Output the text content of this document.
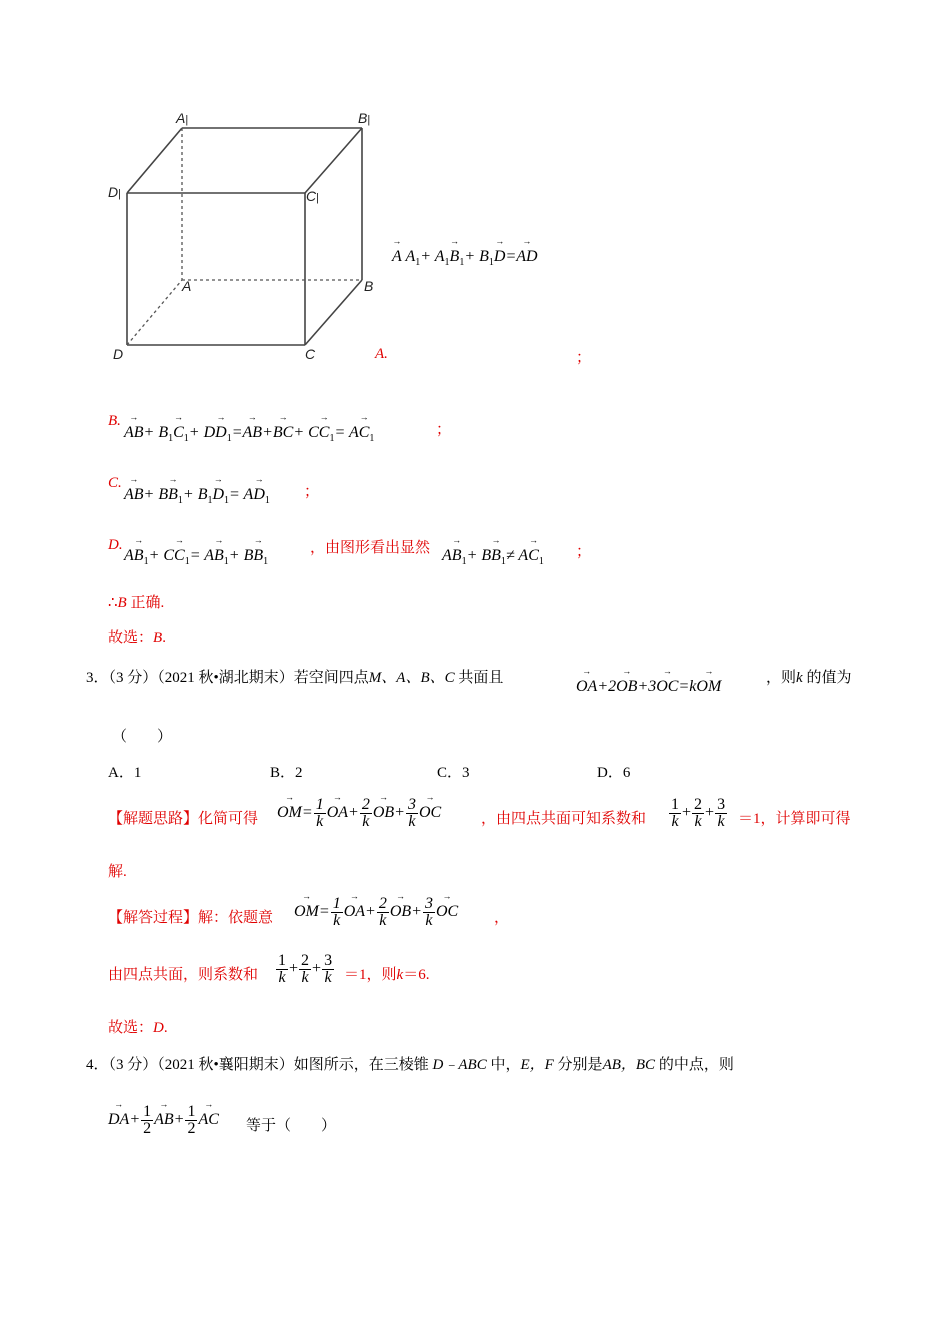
A|	B|
C|
D|
A	B
C
D
→ A $A_1+ A_1\to B_1+ B_1\to D=\to$ AD
A.	；
B.
→ $AB+ B_1\to C_1+ D\to D_1=\to AB+\to BC+ C\to C_1= A\to C_1$
；
C.
→ $AB+ B\to B_1+ B_1\to D_1= A\to D_1$
；
D.
$A\to B_1+ C\to C_1= A\to B_1+ B\to B_1$
，由图形看出显然 $A\to B_1+ B\to B_1\ne A\to C_1$
；
∴B 正确.
故选：B.
3．（3 分）（2021 秋•湖北期末）若空间四点M、A、B、C 共面且
→	OA+2→ OB+3→ OC=k→ OM	，则k 的值为
（　　）
A．1	B．2	C．3	D．6
【解题思路】化简可得
→ $OM= \frac{1}{k}$
→ $OA+ \frac{2}{k}$
→ $OB+ \frac{3}{k}$
→ OC	，由四点共面可知系数和 $\frac{1}{k} + \frac{2}{k} + \frac{3}{k} =1$，计算即可得
解.
【解答过程】解：依题意
→ $OM= \frac{1}{k}$
→ $OA+ \frac{2}{k}$
→ $OB+ \frac{3}{k}$
→ OC ，
由四点共面，则系数和 $\frac{1}{k} + \frac{2}{k} + \frac{3}{k} =1$，则k＝6.
故选：D.
4．（3 分）（2021 秋•襄阳期末）如图所示，在三棱锥 D﹣ABC 中，E，F 分别是AB，BC 的中点，则
→ $DA+ \frac{1}{2}$
→ $AB+ \frac{1}{2}$
→ AC 等于（　　）
